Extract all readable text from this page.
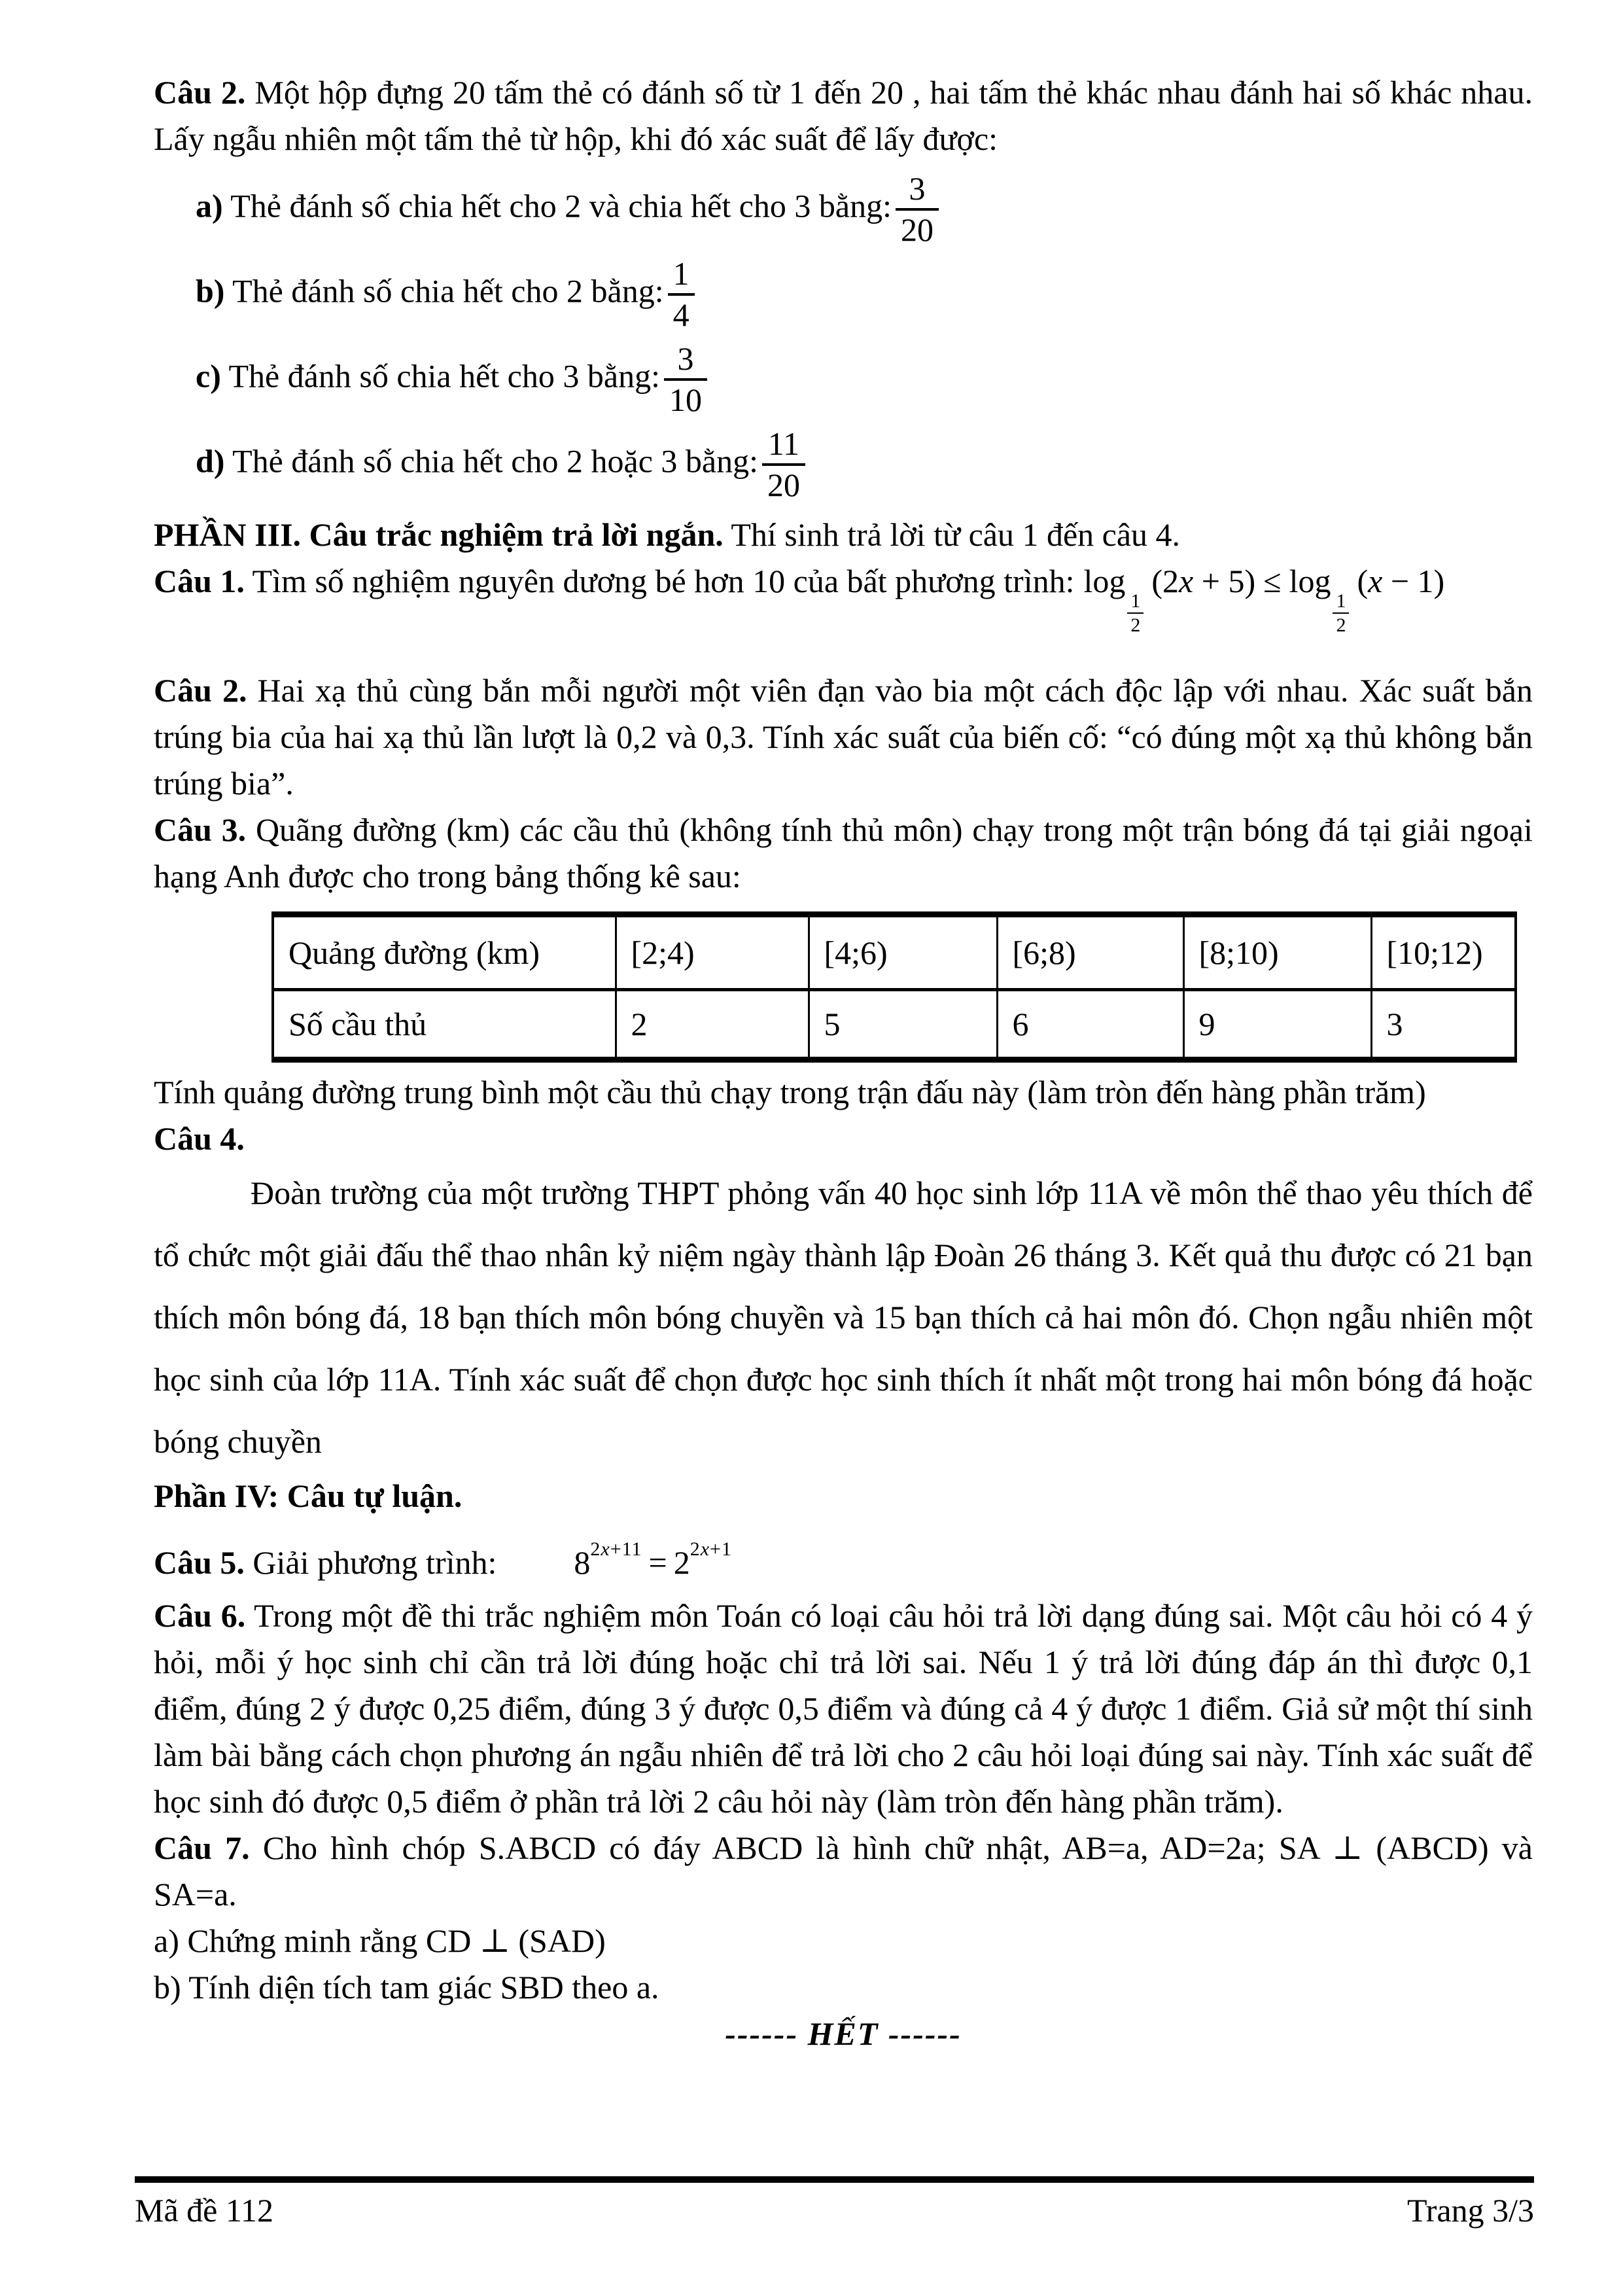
Câu 2. Một hộp đựng 20 tấm thẻ có đánh số từ 1 đến 20 , hai tấm thẻ khác nhau đánh hai số khác nhau. Lấy ngẫu nhiên một tấm thẻ từ hộp, khi đó xác suất để lấy được:

a) Thẻ đánh số chia hết cho 2 và chia hết cho 3 bằng: $\frac{3}{20}$
b) Thẻ đánh số chia hết cho 2 bằng: $\frac{1}{4}$
c) Thẻ đánh số chia hết cho 3 bằng: $\frac{3}{10}$
d) Thẻ đánh số chia hết cho 2 hoặc 3 bằng: $\frac{11}{20}$

PHẦN III. Câu trắc nghiệm trả lời ngắn. Thí sinh trả lời từ câu 1 đến câu 4.

Câu 1. Tìm số nghiệm nguyên dương bé hơn 10 của bất phương trình: log
$\frac{1}{2}$
(2x + 5) ≤ log
$\frac{1}{2}$
(x − 1)

Câu 2. Hai xạ thủ cùng bắn mỗi người một viên đạn vào bia một cách độc lập với nhau. Xác suất bắn trúng bia của hai xạ thủ lần lượt là 0,2 và 0,3. Tính xác suất của biến cố: “có đúng một xạ thủ không bắn trúng bia”.

Câu 3. Quãng đường (km) các cầu thủ (không tính thủ môn) chạy trong một trận bóng đá tại giải ngoại hạng Anh được cho trong bảng thống kê sau:

Quảng đường (km)	[2;4)	[4;6)	[6;8)	[8;10)	[10;12)
Số cầu thủ	2	5	6	9	3

Tính quảng đường trung bình một cầu thủ chạy trong trận đấu này (làm tròn đến hàng phần trăm)

Câu 4.

Đoàn trường của một trường THPT phỏng vấn 40 học sinh lớp 11A về môn thể thao yêu thích để tổ chức một giải đấu thể thao nhân kỷ niệm ngày thành lập Đoàn 26 tháng 3. Kết quả thu được có 21 bạn thích môn bóng đá, 18 bạn thích môn bóng chuyền và 15 bạn thích cả hai môn đó. Chọn ngẫu nhiên một học sinh của lớp 11A. Tính xác suất để chọn được học sinh thích ít nhất một trong hai môn bóng đá hoặc bóng chuyền

Phần IV: Câu tự luận.

Câu 5. Giải phương trình: $8^{2x+11} = 2^{2x+1}$

Câu 6. Trong một đề thi trắc nghiệm môn Toán có loại câu hỏi trả lời dạng đúng sai. Một câu hỏi có 4 ý hỏi, mỗi ý học sinh chỉ cần trả lời đúng hoặc chỉ trả lời sai. Nếu 1 ý trả lời đúng đáp án thì được 0,1 điểm, đúng 2 ý được 0,25 điểm, đúng 3 ý được 0,5 điểm và đúng cả 4 ý được 1 điểm. Giả sử một thí sinh làm bài bằng cách chọn phương án ngẫu nhiên để trả lời cho 2 câu hỏi loại đúng sai này. Tính xác suất để học sinh đó được 0,5 điểm ở phần trả lời 2 câu hỏi này (làm tròn đến hàng phần trăm).

Câu 7. Cho hình chóp S.ABCD có đáy ABCD là hình chữ nhật, AB=a, AD=2a; SA ⊥ (ABCD) và SA=a.

a) Chứng minh rằng CD ⊥ (SAD)

b) Tính diện tích tam giác SBD theo a.

------ HẾT ------

Mã đề 112	Trang 3/3
